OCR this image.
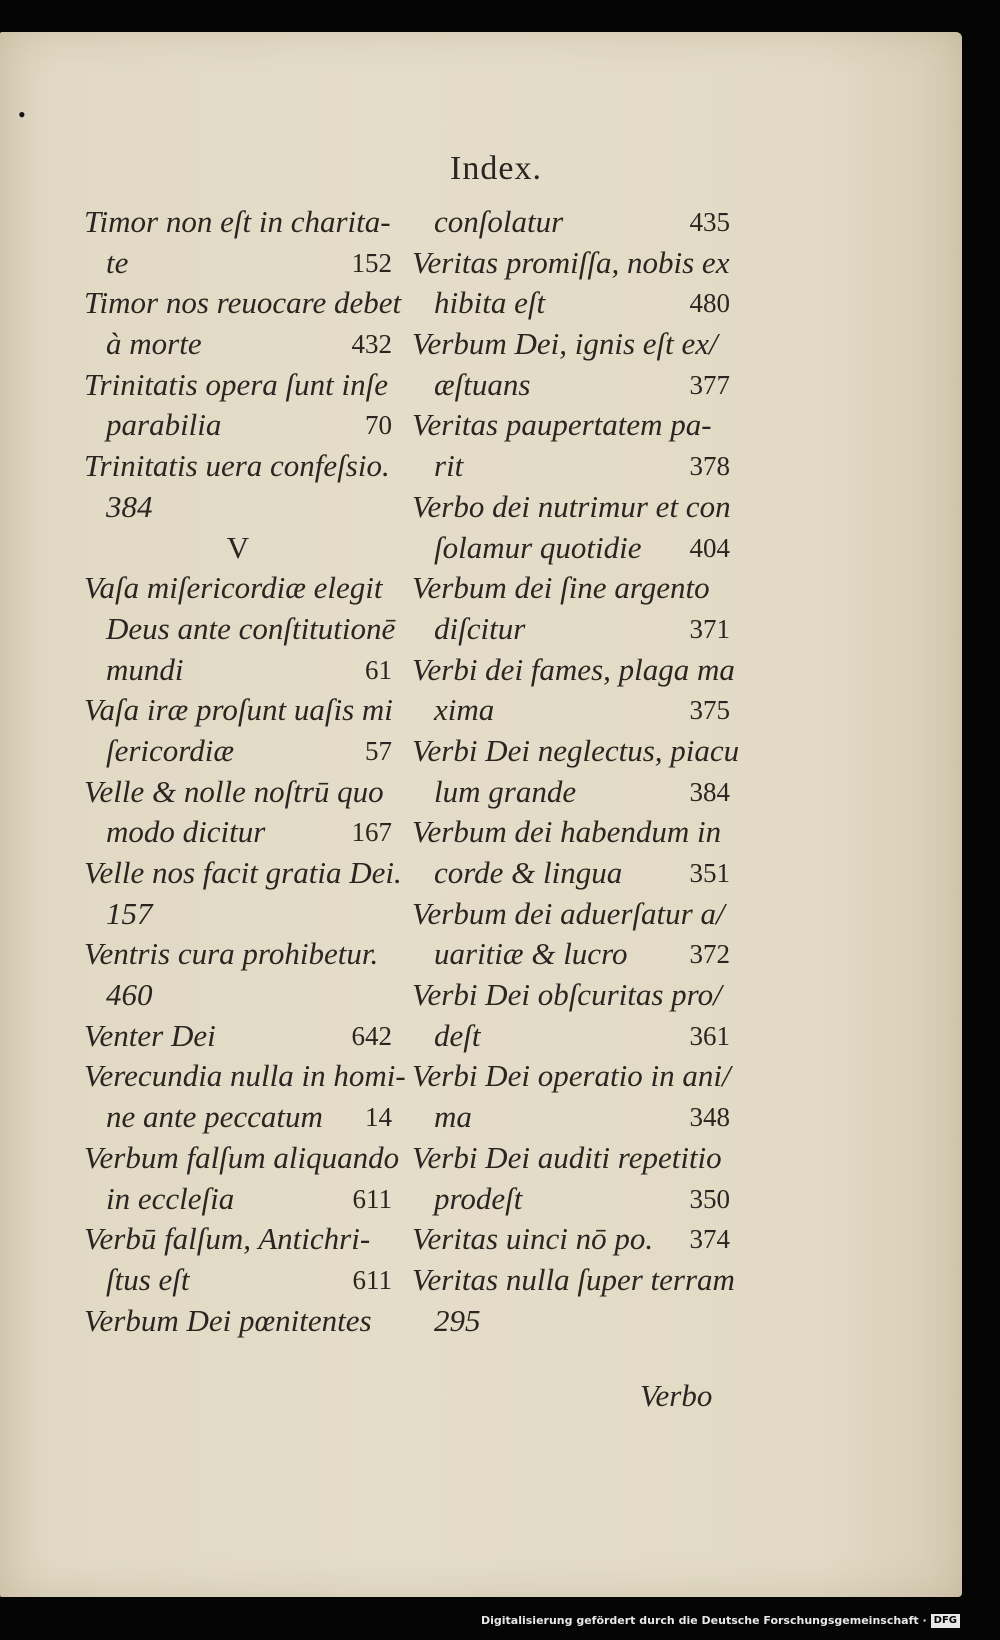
•
Index.
Timor non eſt in charita-
te	152
Timor nos reuocare debet
à morte	432
Trinitatis opera ſunt inſe
parabilia	70
Trinitatis uera confeſsio.
384
V
Vaſa miſericordiæ elegit
Deus ante conſtitutionē
mundi	61
Vaſa iræ proſunt uaſis mi
ſericordiæ	57
Velle & nolle noſtrū quo
modo dicitur	167
Velle nos facit gratia Dei.
157
Ventris cura prohibetur.
460
Venter Dei	642
Verecundia nulla in homi-
ne ante peccatum 14
Verbum falſum aliquando
in eccleſia	611
Verbū falſum, Antichri-
ſtus eſt	611
Verbum Dei pœnitentes
conſolatur	435
Veritas promiſſa, nobis ex
hibita eſt	480
Verbum Dei, ignis eſt ex/
æſtuans	377
Veritas paupertatem pa-
rit	378
Verbo dei nutrimur et con
ſolamur quotidie 404
Verbum dei ſine argento
diſcitur	371
Verbi dei fames, plaga ma
xima	375
Verbi Dei neglectus, piacu
lum grande	384
Verbum dei habendum in
corde & lingua 351
Verbum dei aduerſatur a/
uaritiæ & lucro 372
Verbi Dei obſcuritas pro/
deſt	361
Verbi Dei operatio in ani/
ma	348
Verbi Dei auditi repetitio
prodeſt	350
Veritas uinci nō po. 374
Veritas nulla ſuper terram
295
Verbo
Digitalisierung gefördert durch die Deutsche Forschungsgemeinschaft · DFG
